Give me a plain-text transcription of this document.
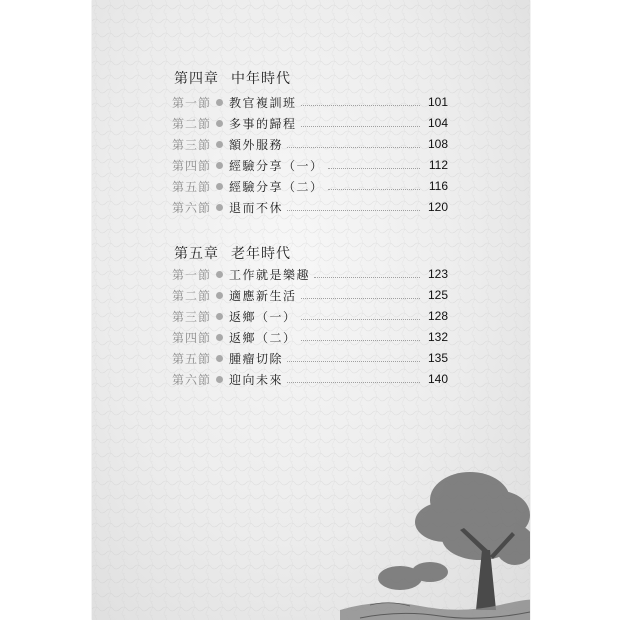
第四章 中年時代
第一節 教官複訓班	101
第二節 多事的歸程	104
第三節 額外服務	108
第四節 經驗分享（一）	112
第五節 經驗分享（二）	116
第六節 退而不休	120
第五章 老年時代
第一節 工作就是樂趣	123
第二節 適應新生活	125
第三節 返鄉（一）	128
第四節 返鄉（二）	132
第五節 腫瘤切除	135
第六節 迎向未來	140
